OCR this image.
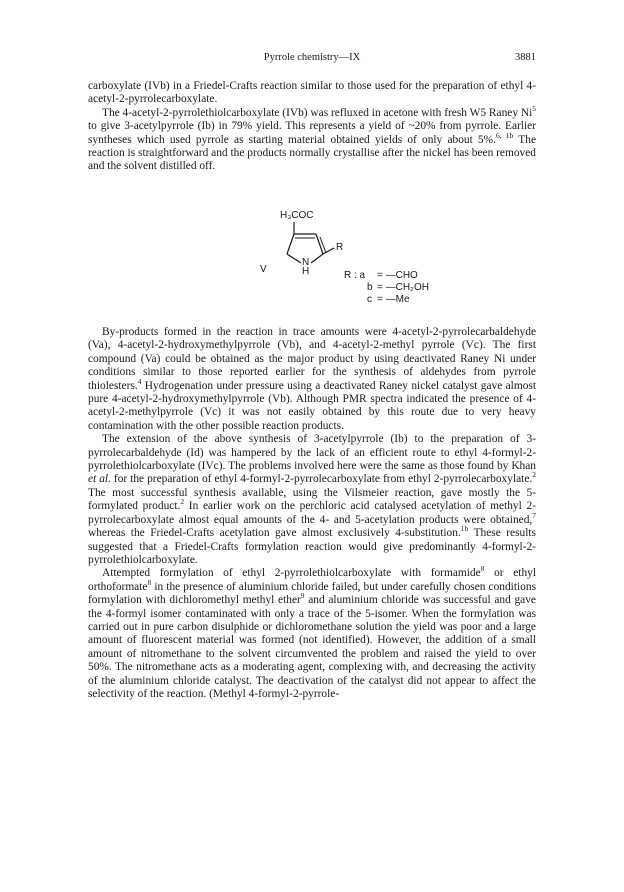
Pyrrole chemistry—IX	3881

carboxylate (IVb) in a Friedel-Crafts reaction similar to those used for the preparation of ethyl 4-acetyl-2-pyrrolecarboxylate.

The 4-acetyl-2-pyrrolethiolcarboxylate (IVb) was refluxed in acetone with fresh W5 Raney Ni$^5$ to give 3-acetylpyrrole (Ib) in 79% yield. This represents a yield of ~20% from pyrrole. Earlier syntheses which used pyrrole as starting material obtained yields of only about 5%.$^{6, 1b}$ The reaction is straightforward and the products normally crystallise after the nickel has been removed and the solvent distilled off.

H₃COC
N
H
R
V
R : a = —CHO
b = —CH₂OH
c = —Me

By-products formed in the reaction in trace amounts were 4-acetyl-2-pyrrolecarbaldehyde (Va), 4-acetyl-2-hydroxymethylpyrrole (Vb), and 4-acetyl-2-methyl pyrrole (Vc). The first compound (Va) could be obtained as the major product by using deactivated Raney Ni under conditions similar to those reported earlier for the synthesis of aldehydes from pyrrole thiolesters.$^4$ Hydrogenation under pressure using a deactivated Raney nickel catalyst gave almost pure 4-acetyl-2-hydroxymethylpyrrole (Vb). Although PMR spectra indicated the presence of 4-acetyl-2-methylpyrrole (Vc) it was not easily obtained by this route due to very heavy contamination with the other possible reaction products.

The extension of the above synthesis of 3-acetylpyrrole (Ib) to the preparation of 3-pyrrolecarbaldehyde (Id) was hampered by the lack of an efficient route to ethyl 4-formyl-2-pyrrolethiolcarboxylate (IVc). The problems involved here were the same as those found by Khan et al. for the preparation of ethyl 4-formyl-2-pyrrolecarboxylate from ethyl 2-pyrrolecarboxylate.$^2$ The most successful synthesis available, using the Vilsmeier reaction, gave mostly the 5-formylated product.$^2$ In earlier work on the perchloric acid catalysed acetylation of methyl 2-pyrrolecarboxylate almost equal amounts of the 4- and 5-acetylation products were obtained,$^7$ whereas the Friedel-Crafts acetylation gave almost exclusively 4-substitution.$^{1b}$ These results suggested that a Friedel-Crafts formylation reaction would give predominantly 4-formyl-2-pyrrolethiolcarboxylate.

Attempted formylation of ethyl 2-pyrrolethiolcarboxylate with formamide$^8$ or ethyl orthoformate$^8$ in the presence of aluminium chloride failed, but under carefully chosen conditions formylation with dichloromethyl methyl ether$^9$ and aluminium chloride was successful and gave the 4-formyl isomer contaminated with only a trace of the 5-isomer. When the formylation was carried out in pure carbon disulphide or dichloromethane solution the yield was poor and a large amount of fluorescent material was formed (not identified). However, the addition of a small amount of nitromethane to the solvent circumvented the problem and raised the yield to over 50%. The nitromethane acts as a moderating agent, complexing with, and decreasing the activity of the aluminium chloride catalyst. The deactivation of the catalyst did not appear to affect the selectivity of the reaction. (Methyl 4-formyl-2-pyrrole-
